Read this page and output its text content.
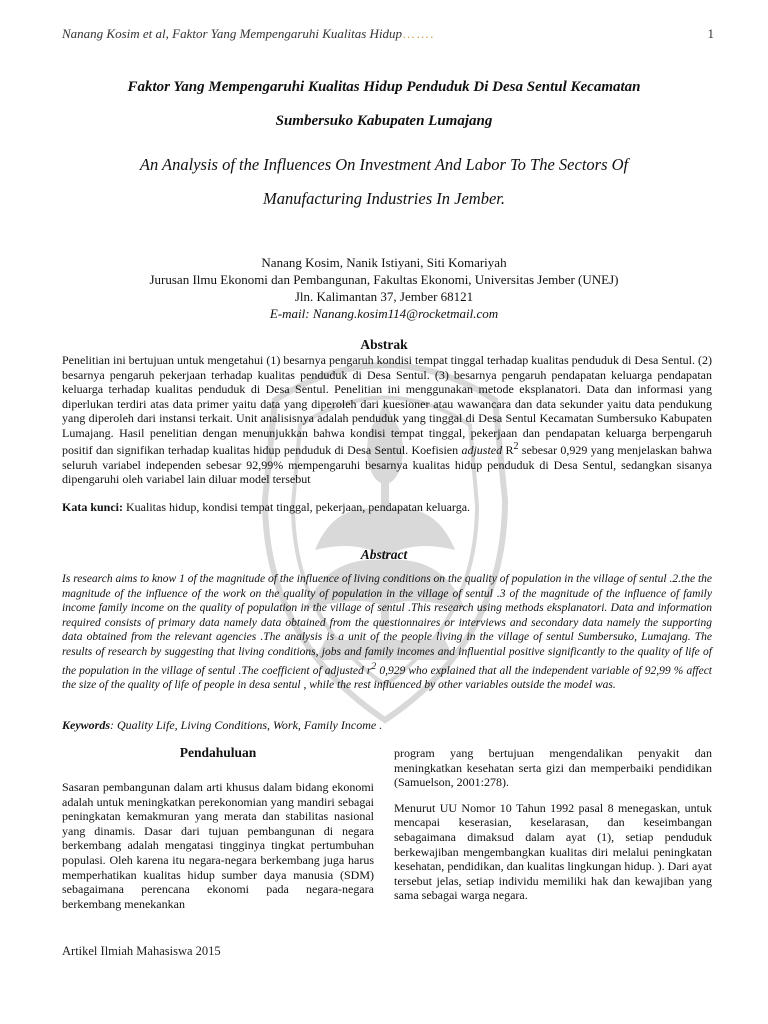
Nanang Kosim et al, Faktor Yang Mempengaruhi Kualitas Hidup…….	1
Faktor Yang Mempengaruhi Kualitas Hidup Penduduk Di Desa Sentul Kecamatan
Sumbersuko Kabupaten Lumajang
An Analysis of the Influences On Investment And Labor To The Sectors Of
Manufacturing Industries In Jember.
Nanang Kosim, Nanik Istiyani, Siti Komariyah
Jurusan Ilmu Ekonomi dan Pembangunan, Fakultas Ekonomi, Universitas Jember (UNEJ)
Jln. Kalimantan 37, Jember 68121
E-mail: Nanang.kosim114@rocketmail.com
Abstrak
Penelitian ini bertujuan untuk mengetahui (1) besarnya pengaruh kondisi tempat tinggal terhadap kualitas penduduk di Desa Sentul. (2) besarnya pengaruh pekerjaan terhadap kualitas penduduk di Desa Sentul. (3) besarnya pengaruh pendapatan keluarga pendapatan keluarga terhadap kualitas penduduk di Desa Sentul. Penelitian ini menggunakan metode eksplanatori. Data dan informasi yang diperlukan terdiri atas data primer yaitu data yang diperoleh dari kuesioner atau wawancara dan data sekunder yaitu data pendukung yang diperoleh dari instansi terkait. Unit analisisnya adalah penduduk yang tinggal di Desa Sentul Kecamatan Sumbersuko Kabupaten Lumajang. Hasil penelitian dengan menunjukkan bahwa kondisi tempat tinggal, pekerjaan dan pendapatan keluarga berpengaruh positif dan signifikan terhadap kualitas hidup penduduk di Desa Sentul. Koefisien adjusted $R^2$ sebesar 0,929 yang menjelaskan bahwa seluruh variabel independen sebesar 92,99% mempengaruhi besarnya kualitas hidup penduduk di Desa Sentul, sedangkan sisanya dipengaruhi oleh variabel lain diluar model tersebut
Kata kunci: Kualitas hidup, kondisi tempat tinggal, pekerjaan, pendapatan keluarga.
Abstract
Is research aims to know 1 of the magnitude of the influence of living conditions on the quality of population in the village of sentul .2.the the magnitude of the influence of the work on the quality of population in the village of sentul .3 of the magnitude of the influence of family income family income on the quality of population in the village of sentul .This research using methods eksplanatori. Data and information required consists of primary data namely data obtained from the questionnaires or interviews and secondary data namely the supporting data obtained from the relevant agencies .The analysis is a unit of the people living in the village of sentul Sumbersuko, Lumajang. The results of research by suggesting that living conditions, jobs and family incomes and influential positive significantly to the quality of life of the population in the village of sentul .The coefficient of adjusted $r^2$ 0,929 who explained that all the independent variable of 92,99 % affect the size of the quality of life of people in desa sentul , while the rest influenced by other variables outside the model was.
Keywords: Quality Life, Living Conditions, Work, Family Income .
Pendahuluan

Sasaran pembangunan dalam arti khusus dalam bidang ekonomi adalah untuk meningkatkan perekonomian yang mandiri sebagai peningkatan kemakmuran yang merata dan stabilitas nasional yang dinamis. Dasar dari tujuan pembangunan di negara berkembang adalah mengatasi tingginya tingkat pertumbuhan populasi. Oleh karena itu negara-negara berkembang juga harus memperhatikan kualitas hidup sumber daya manusia (SDM) sebagaimana perencana ekonomi pada negara-negara berkembang menekankan

program yang bertujuan mengendalikan penyakit dan meningkatkan kesehatan serta gizi dan memperbaiki pendidikan (Samuelson, 2001:278).

Menurut UU Nomor 10 Tahun 1992 pasal 8 menegaskan, untuk mencapai keserasian, keselarasan, dan keseimbangan sebagaimana dimaksud dalam ayat (1), setiap penduduk berkewajiban mengembangkan kualitas diri melalui peningkatan kesehatan, pendidikan, dan kualitas lingkungan hidup. ). Dari ayat tersebut jelas, setiap individu memiliki hak dan kewajiban yang sama sebagai warga negara.

Artikel Ilmiah Mahasiswa 2015
